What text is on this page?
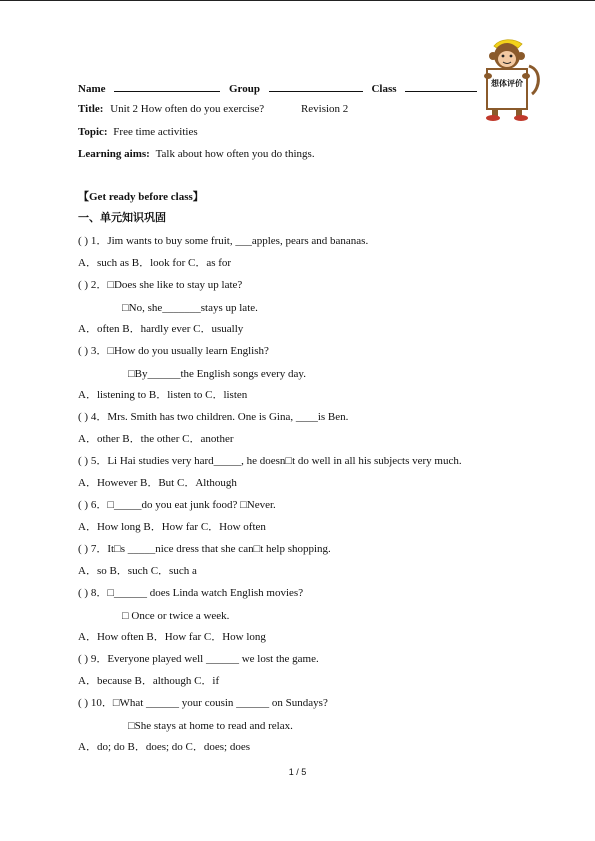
Name	Group	Class
Title: Unit 2 How often do you exercise?	Revision 2
Topic: Free time activities
Learning aims: Talk about how often you do things.
想体评价
【Get ready before class】
一、单元知识巩固
( ) 1．Jim wants to buy some fruit, ___apples, pears and bananas.
A．such as B．look for C．as for
( ) 2．□Does she like to stay up late?
□No, she_______stays up late.
A．often B．hardly ever C．usually
( ) 3．□How do you usually learn English?
□By______the English songs every day.
A．listening to B．listen to C．listen
( ) 4．Mrs. Smith has two children. One is Gina, ____is Ben.
A．other B．the other C．another
( ) 5．Li Hai studies very hard_____, he doesn□t do well in all his subjects very much.
A．However B．But C．Although
( ) 6．□_____do you eat junk food? □Never.
A．How long B．How far C．How often
( ) 7．It□s _____nice dress that she can□t help shopping.
A．so B．such C．such a
( ) 8．□______ does Linda watch English movies?
□ Once or twice a week.
A．How often B．How far C．How long
( ) 9．Everyone played well ______ we lost the game.
A．because B．although C．if
( ) 10．□What ______ your cousin ______ on Sundays?
□She stays at home to read and relax.
A．do; do B．does; do C．does; does
1 / 5
